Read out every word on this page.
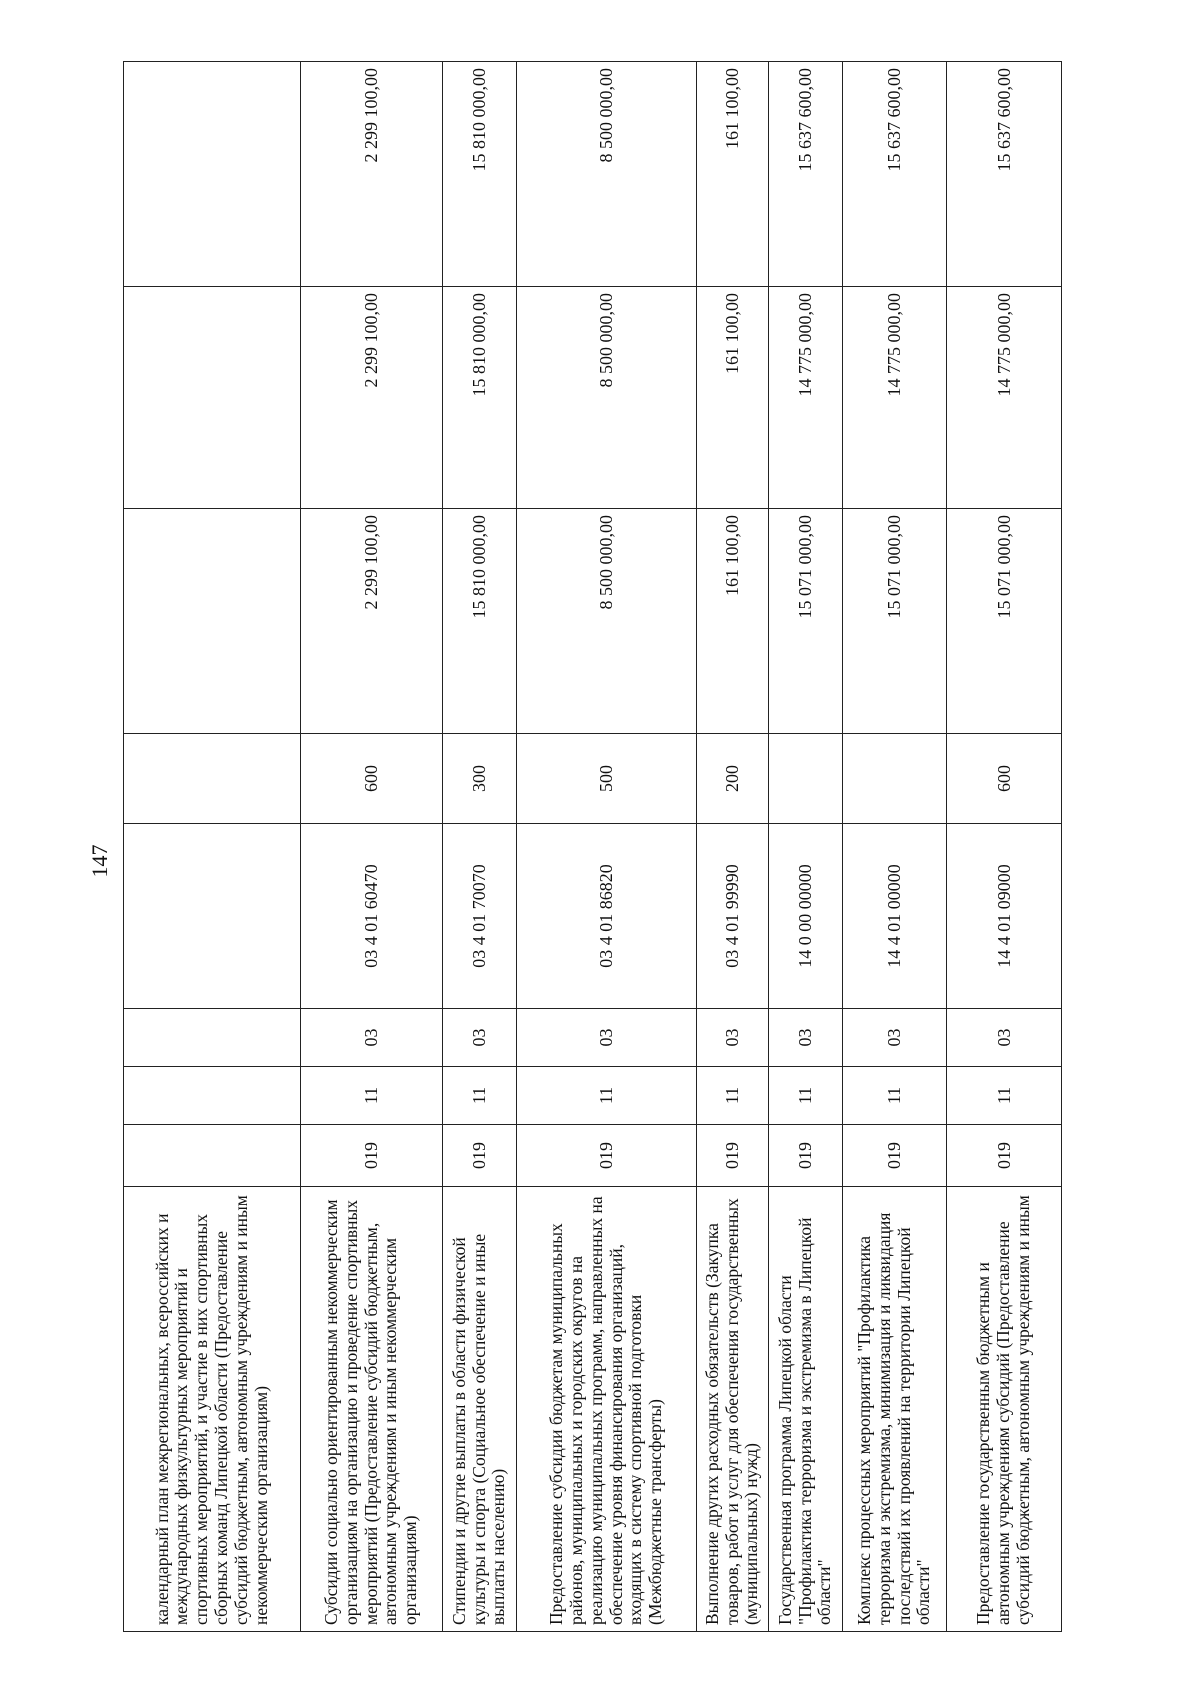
147
календарный план межрегиональных, всероссийских и международных физкультурных мероприятий и спортивных мероприятий, и участие в них спортивных сборных команд Липецкой области (Предоставление субсидий бюджетным, автономным учреждениям и иным некоммерческим организациям)								
Субсидии социально ориентированным некоммерческим организациям на организацию и проведение спортивных мероприятий (Предоставление субсидий бюджетным, автономным учреждениям и иным некоммерческим организациям)	019	11	03	03 4 01 60470	600	2 299 100,00	2 299 100,00	2 299 100,00
Стипендии и другие выплаты в области физической культуры и спорта (Социальное обеспечение и иные выплаты населению)	019	11	03	03 4 01 70070	300	15 810 000,00	15 810 000,00	15 810 000,00
Предоставление субсидии бюджетам муниципальных районов, муниципальных и городских округов на реализацию муниципальных программ, направленных на обеспечение уровня финансирования организаций, входящих в систему спортивной подготовки (Межбюджетные трансферты)	019	11	03	03 4 01 86820	500	8 500 000,00	8 500 000,00	8 500 000,00
Выполнение других расходных обязательств (Закупка товаров, работ и услуг для обеспечения государственных (муниципальных) нужд)	019	11	03	03 4 01 99990	200	161 100,00	161 100,00	161 100,00
Государственная программа Липецкой области "Профилактика терроризма и экстремизма в Липецкой области"	019	11	03	14 0 00 00000		15 071 000,00	14 775 000,00	15 637 600,00
Комплекс процессных мероприятий "Профилактика терроризма и экстремизма, минимизация и ликвидация последствий их проявлений на территории Липецкой области"	019	11	03	14 4 01 00000		15 071 000,00	14 775 000,00	15 637 600,00
Предоставление государственным бюджетным и автономным учреждениям субсидий (Предоставление субсидий бюджетным, автономным учреждениям и иным	019	11	03	14 4 01 09000	600	15 071 000,00	14 775 000,00	15 637 600,00
